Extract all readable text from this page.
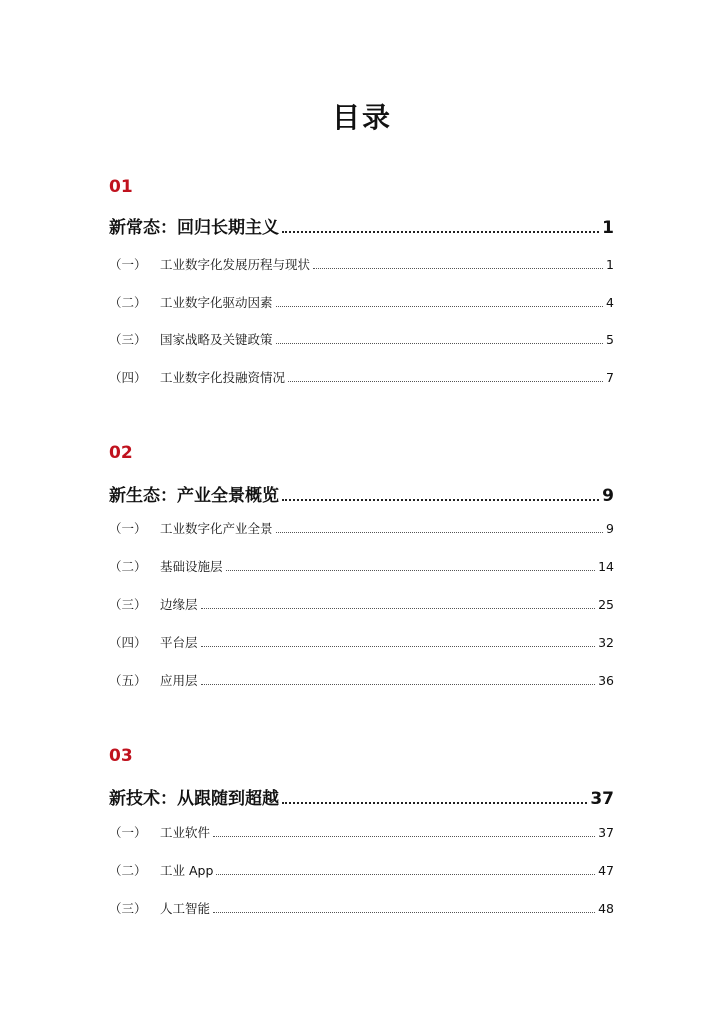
目录
01
新常态：回归长期主义	1
（一）	工业数字化发展历程与现状	1
（二）	工业数字化驱动因素	4
（三）	国家战略及关键政策	5
（四）	工业数字化投融资情况	7
02
新生态：产业全景概览	9
（一）	工业数字化产业全景	9
（二）	基础设施层	14
（三）	边缘层	25
（四）	平台层	32
（五）	应用层	36
03
新技术：从跟随到超越	37
（一）	工业软件	37
（二）	工业 App	47
（三）	人工智能	48
